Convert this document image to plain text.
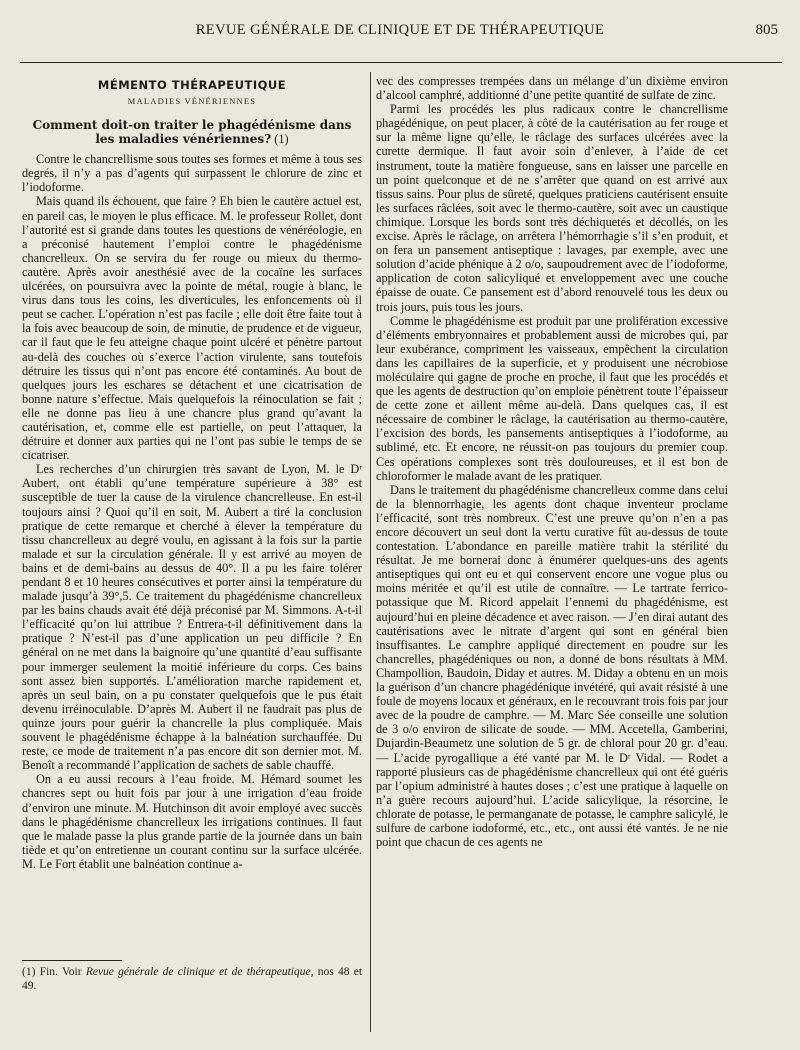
REVUE GÉNÉRALE DE CLINIQUE ET DE THÉRAPEUTIQUE	805
MÉMENTO THÉRAPEUTIQUE
MALADIES VÉNÉRIENNES
Comment doit-on traiter le phagédénisme dans les maladies vénériennes? (1)

Contre le chancrellisme sous toutes ses formes et même à tous ses degrés, il n’y a pas d’agents qui surpassent le chlorure de zinc et l’iodoforme.

Mais quand ils échouent, que faire ? Eh bien le cautère actuel est, en pareil cas, le moyen le plus efficace. M. le professeur Rollet, dont l’autorité est si grande dans toutes les questions de vénéréologie, en a préconisé hautement l’emploi contre le phagédénisme chancrelleux. On se servira du fer rouge ou mieux du thermo-cautère. Après avoir anesthésié avec de la cocaïne les surfaces ulcérées, on poursuivra avec la pointe de métal, rougie à blanc, le virus dans tous les coins, les diverticules, les enfoncements où il peut se cacher. L’opération n’est pas facile ; elle doit être faite tout à la fois avec beaucoup de soin, de minutie, de prudence et de vigueur, car il faut que le feu atteigne chaque point ulcéré et pénètre partout au-delà des couches où s’exerce l’action virulente, sans toutefois détruire les tissus qui n’ont pas encore été contaminés. Au bout de quelques jours les eschares se détachent et une cicatrisation de bonne nature s’effectue. Mais quelquefois la réinoculation se fait ; elle ne donne pas lieu à une chancre plus grand qu’avant la cautérisation, et, comme elle est partielle, on peut l’attaquer, la détruire et donner aux parties qui ne l’ont pas subie le temps de se cicatriser.

Les recherches d’un chirurgien très savant de Lyon, M. le Dʳ Aubert, ont établi qu’une température supérieure à 38° est susceptible de tuer la cause de la virulence chancrelleuse. En est-il toujours ainsi ? Quoi qu’il en soit, M. Aubert a tiré la conclusion pratique de cette remarque et cherché à élever la température du tissu chancrelleux au degré voulu, en agissant à la fois sur la partie malade et sur la circulation générale. Il y est arrivé au moyen de bains et de demi-bains au dessus de 40°. Il a pu les faire tolérer pendant 8 et 10 heures consécutives et porter ainsi la température du malade jusqu’à 39°,5. Ce traitement du phagédénisme chancrelleux par les bains chauds avait été déjà préconisé par M. Simmons. A-t-il l’efficacité qu’on lui attribue ? Entrera-t-il définitivement dans la pratique ? N’est-il pas d’une application un peu difficile ? En général on ne met dans la baignoire qu’une quantité d’eau suffisante pour immerger seulement la moitié inférieure du corps. Ces bains sont assez bien supportés. L’amélioration marche rapidement et, après un seul bain, on a pu constater quelquefois que le pus était devenu irréinoculable. D’après M. Aubert il ne faudrait pas plus de quinze jours pour guérir la chancrelle la plus compliquée. Mais souvent le phagédénisme échappe à la balnéation surchauffée. Du reste, ce mode de traitement n’a pas encore dit son dernier mot. M. Benoît a recommandé l’application de sachets de sable chauffé.

On a eu aussi recours à l’eau froide. M. Hémard soumet les chancres sept ou huit fois par jour à une irrigation d’eau froide d’environ une minute. M. Hutchinson dit avoir employé avec succès dans le phagédénisme chancrelleux les irrigations continues. Il faut que le malade passe la plus grande partie de la journée dans un bain tiède et qu’on entretienne un courant continu sur la surface ulcérée. M. Le Fort établit une balnéation continue a-

vec des compresses trempées dans un mélange d’un dixième environ d’alcool camphré, additionné d’une petite quantité de sulfate de zinc.

Parmi les procédés les plus radicaux contre le chancrellisme phagédénique, on peut placer, à côté de la cautérisation au fer rouge et sur la même ligne qu’elle, le râclage des surfaces ulcérées avec la curette dermique. Il faut avoir soin d’enlever, à l’aide de cet instrument, toute la matière fongueuse, sans en laisser une parcelle en un point quelconque et de ne s’arrêter que quand on est arrivé aux tissus sains. Pour plus de sûreté, quelques praticiens cautérisent ensuite les surfaces râclées, soit avec le thermo-cautère, soit avec un caustique chimique. Lorsque les bords sont très déchiquetés et décollés, on les excise. Après le râclage, on arrêtera l’hémorrhagie s’il s’en produit, et on fera un pansement antiseptique : lavages, par exemple, avec une solution d’acide phénique à 2 o/o, saupoudrement avec de l’iodoforme, application de coton salicyliqué et enveloppement avec une couche épaisse de ouate. Ce pansement est d’abord renouvelé tous les deux ou trois jours, puis tous les jours.

Comme le phagédénisme est produit par une prolifération excessive d’éléments embryonnaires et probablement aussi de microbes qui, par leur exubérance, compriment les vaisseaux, empêchent la circulation dans les capillaires de la superficie, et y produisent une nécrobiose moléculaire qui gagne de proche en proche, il faut que les procédés et que les agents de destruction qu’on emploie pénètrent toute l’épaisseur de cette zone et aillent même au-delà. Dans quelques cas, il est nécessaire de combiner le râclage, la cautérisation au thermo-cautère, l’excision des bords, les pansements antiseptiques à l’iodoforme, au sublimé, etc. Et encore, ne réussit-on pas toujours du premier coup. Ces opérations complexes sont très douloureuses, et il est bon de chloroformer le malade avant de les pratiquer.

Dans le traitement du phagédénisme chancrelleux comme dans celui de la blennorrhagie, les agents dont chaque inventeur proclame l’efficacité, sont très nombreux. C’est une preuve qu’on n’en a pas encore découvert un seul dont la vertu curative fût au-dessus de toute contestation. L’abondance en pareille matière trahit la stérilité du résultat. Je me bornerai donc à énumérer quelques-uns des agents antiseptiques qui ont eu et qui conservent encore une vogue plus ou moins méritée et qu’il est utile de connaître. — Le tartrate ferrico-potassique que M. Ricord appelait l’ennemi du phagédénisme, est aujourd’hui en pleine décadence et avec raison. — J’en dirai autant des cautérisations avec le nitrate d’argent qui sont en général bien insuffisantes. Le camphre appliqué directement en poudre sur les chancrelles, phagédéniques ou non, a donné de bons résultats à MM. Champollion, Baudoin, Diday et autres. M. Diday a obtenu en un mois la guérison d’un chancre phagédénique invétéré, qui avait résisté à une foule de moyens locaux et généraux, en le recouvrant trois fois par jour avec de la poudre de camphre. — M. Marc Sée conseille une solution de 3 o/o environ de silicate de soude. — MM. Accetella, Gamberini, Dujardin-Beaumetz une solution de 5 gr. de chloral pour 20 gr. d’eau. — L’acide pyrogallique a été vanté par M. le Dʳ Vidal. — Rodet a rapporté plusieurs cas de phagédénisme chancrelleux qui ont été guéris par l’opium administré à hautes doses ; c’est une pratique à laquelle on n’a guère recours aujourd’hui. L’acide salicylique, la résorcine, le chlorate de potasse, le permanganate de potasse, le camphre salicylé, le sulfure de carbone iodoformé, etc., etc., ont aussi été vantés. Je ne nie point que chacun de ces agents ne

(1) Fin. Voir Revue générale de clinique et de thérapeutique, nos 48 et 49.
